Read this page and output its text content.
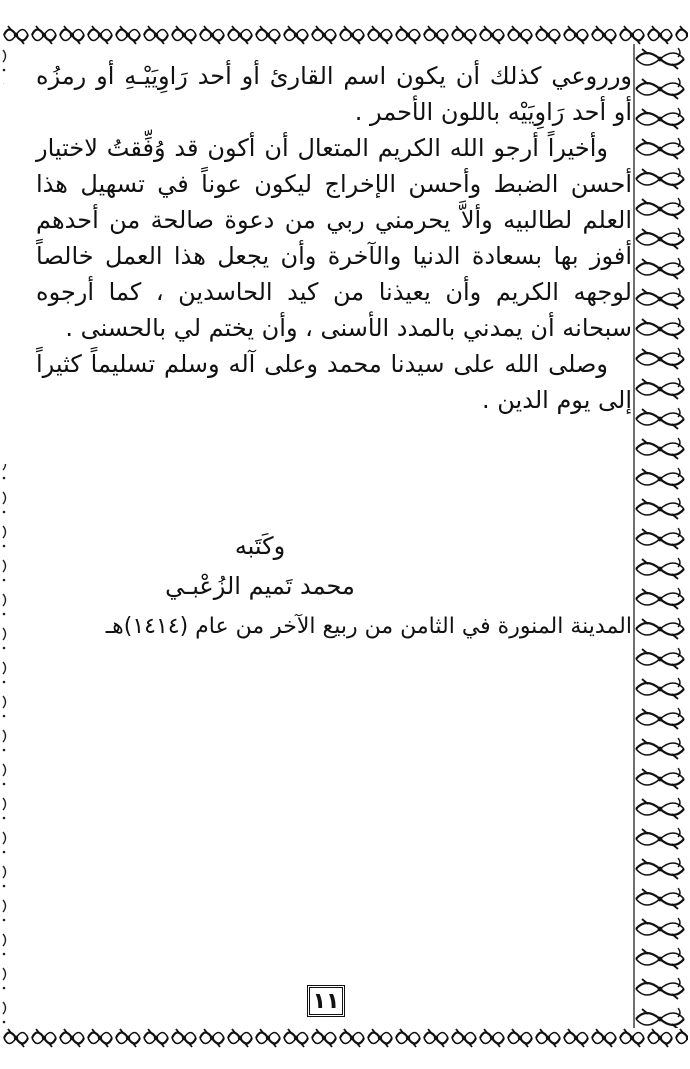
ورروعي كذلك أن يكون اسم القارئ أو أحد رَاوِيَيْـهِ أو رمزُه أو أحد رَاوِيَيْه باللون الأحمر .

وأخيراً أرجو الله الكريم المتعال أن أكون قد وُفِّقتُ لاختيار أحسن الضبط وأحسن الإخراج ليكون عوناً في تسهيل هذا العلم لطالبيه وألاَّ يحرمني ربي من دعوة صالحة من أحدهم أفوز بها بسعادة الدنيا والآخرة وأن يجعل هذا العمل خالصاً لوجهه الكريم وأن يعيذنا من كيد الحاسدين ، كما أرجوه سبحانه أن يمدني بالمدد الأسنى ، وأن يختم لي بالحسنى .

وصلى الله على سيدنا محمد وعلى آله وسلم تسليماً كثيراً إلى يوم الدين .

وكَتَبه
محمد تَميم الزُعْبـي
المدينة المنورة في الثامن من ربيع الآخر من عام (١٤١٤)هـ
١١
